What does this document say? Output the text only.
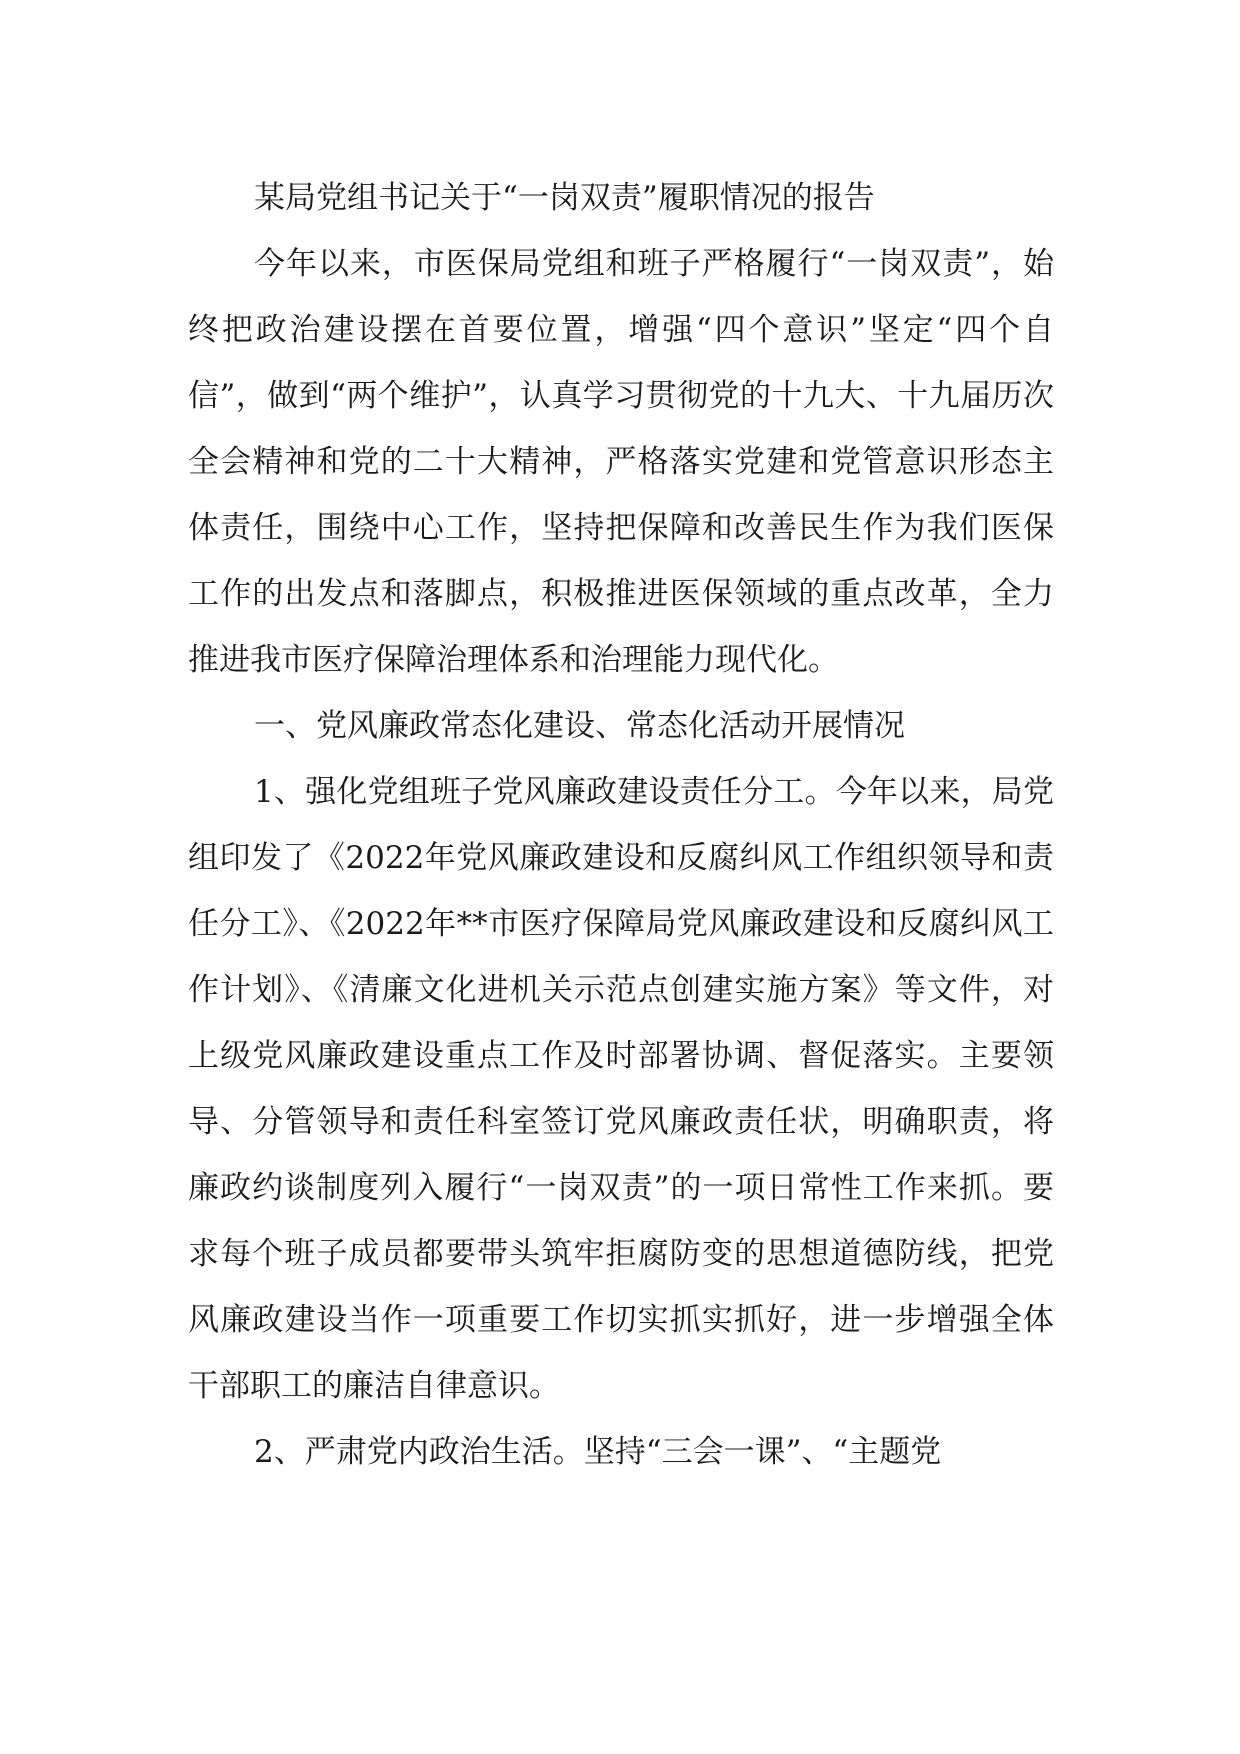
某局党组书记关于“一岗双责”履职情况的报告

今年以来，市医保局党组和班子严格履行“一岗双责”，始终把政治建设摆在首要位置，增强“四个意识”坚定“四个自信”，做到“两个维护”，认真学习贯彻党的十九大、十九届历次全会精神和党的二十大精神，严格落实党建和党管意识形态主体责任，围绕中心工作，坚持把保障和改善民生作为我们医保工作的出发点和落脚点，积极推进医保领域的重点改革，全力推进我市医疗保障治理体系和治理能力现代化。

一、党风廉政常态化建设、常态化活动开展情况

1、强化党组班子党风廉政建设责任分工。今年以来，局党组印发了《2022年党风廉政建设和反腐纠风工作组织领导和责任分工》、《2022年**市医疗保障局党风廉政建设和反腐纠风工作计划》、《清廉文化进机关示范点创建实施方案》等文件，对上级党风廉政建设重点工作及时部署协调、督促落实。主要领导、分管领导和责任科室签订党风廉政责任状，明确职责，将廉政约谈制度列入履行“一岗双责”的一项日常性工作来抓。要求每个班子成员都要带头筑牢拒腐防变的思想道德防线，把党风廉政建设当作一项重要工作切实抓实抓好，进一步增强全体干部职工的廉洁自律意识。

2、严肃党内政治生活。坚持“三会一课”、“主题党
